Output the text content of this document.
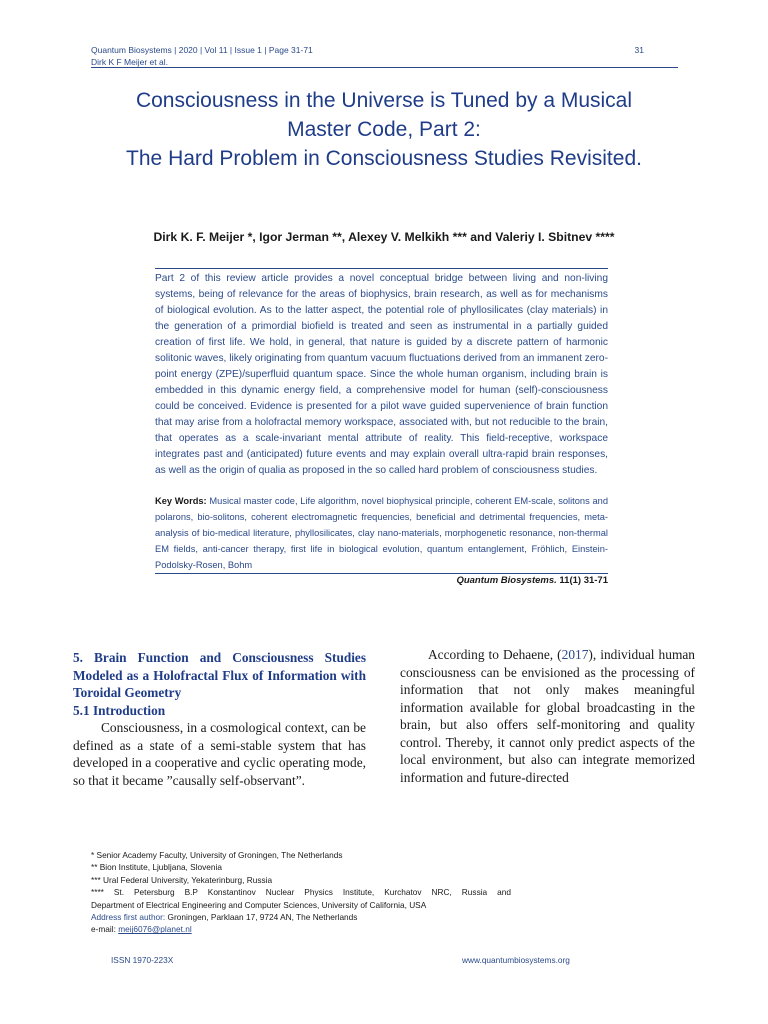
Quantum Biosystems | 2020 | Vol 11 | Issue 1 | Page 31-71
Dirk K F Meijer et al.
31
Consciousness in the Universe is Tuned by a Musical
Master Code, Part 2:
The Hard Problem in Consciousness Studies Revisited.
Dirk K. F. Meijer *, Igor Jerman **, Alexey V. Melkikh *** and Valeriy I. Sbitnev ****

Part 2 of this review article provides a novel conceptual bridge between living and non-living systems, being of relevance for the areas of biophysics, brain research, as well as for mechanisms of biological evolution. As to the latter aspect, the potential role of phyllosilicates (clay materials) in the generation of a primordial biofield is treated and seen as instrumental in a partially guided creation of first life. We hold, in general, that nature is guided by a discrete pattern of harmonic solitonic waves, likely originating from quantum vacuum fluctuations derived from an immanent zero-point energy (ZPE)/superfluid quantum space. Since the whole human organism, including brain is embedded in this dynamic energy field, a comprehensive model for human (self)-consciousness could be conceived. Evidence is presented for a pilot wave guided supervenience of brain function that may arise from a holofractal memory workspace, associated with, but not reducible to the brain, that operates as a scale-invariant mental attribute of reality. This field-receptive, workspace integrates past and (anticipated) future events and may explain overall ultra-rapid brain responses, as well as the origin of qualia as proposed in the so called hard problem of consciousness studies.

Key Words: Musical master code, Life algorithm, novel biophysical principle, coherent EM-scale, solitons and polarons, bio-solitons, coherent electromagnetic frequencies, beneficial and detrimental frequencies, meta-analysis of bio-medical literature, phyllosilicates, clay nano-materials, morphogenetic resonance, non-thermal EM fields, anti-cancer therapy, first life in biological evolution, quantum entanglement, Fröhlich, Einstein-Podolsky-Rosen, Bohm
Quantum Biosystems. 11(1) 31-71
5. Brain Function and Consciousness Studies Modeled as a Holofractal Flux of Information with Toroidal Geometry
5.1 Introduction

Consciousness, in a cosmological context, can be defined as a state of a semi-stable system that has developed in a cooperative and cyclic operating mode, so that it became ”causally self-observant”.

According to Dehaene, (2017), individual human consciousness can be envisioned as the processing of information that not only makes meaningful information available for global broadcasting in the brain, but also offers self-monitoring and quality control. Thereby, it cannot only predict aspects of the local environment, but also can integrate memorized information and future-directed

* Senior Academy Faculty, University of Groningen, The Netherlands
** Bion Institute, Ljubljana, Slovenia
*** Ural Federal University, Yekaterinburg, Russia
**** St. Petersburg B.P Konstantinov Nuclear Physics Institute, Kurchatov NRC, Russia and
Department of Electrical Engineering and Computer Sciences, University of California, USA
Address first author: Groningen, Parklaan 17, 9724 AN, The Netherlands
e-mail: meij6076@planet.nl
ISSN 1970-223X	www.quantumbiosystems.org
